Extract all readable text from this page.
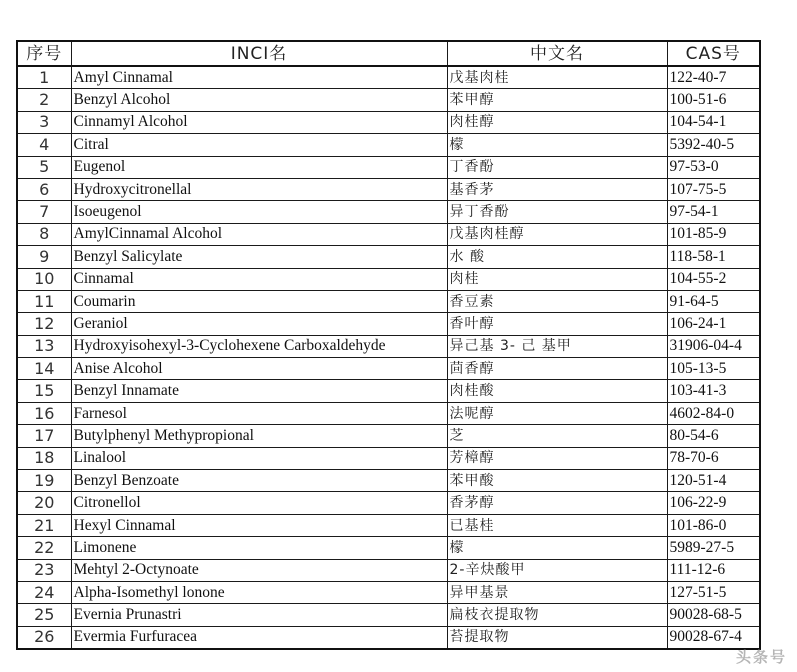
序号	INCI名	中文名	CAS号
1	Amyl Cinnamal	戊基肉桂	122-40-7
2	Benzyl Alcohol	苯甲醇	100-51-6
3	Cinnamyl Alcohol	肉桂醇	104-54-1
4	Citral	檬	5392-40-5
5	Eugenol	丁香酚	97-53-0
6	Hydroxycitronellal	基香茅	107-75-5
7	Isoeugenol	异丁香酚	97-54-1
8	AmylCinnamal Alcohol	戊基肉桂醇	101-85-9
9	Benzyl Salicylate	水 酸	118-58-1
10	Cinnamal	肉桂	104-55-2
11	Coumarin	香豆素	91-64-5
12	Geraniol	香叶醇	106-24-1
13	Hydroxyisohexyl-3-Cyclohexene Carboxaldehyde	异己基 3- 己 基甲	31906-04-4
14	Anise Alcohol	茴香醇	105-13-5
15	Benzyl Innamate	肉桂酸	103-41-3
16	Farnesol	法呢醇	4602-84-0
17	Butylphenyl Methypropional	芝	80-54-6
18	Linalool	芳樟醇	78-70-6
19	Benzyl Benzoate	苯甲酸	120-51-4
20	Citronellol	香茅醇	106-22-9
21	Hexyl Cinnamal	已基桂	101-86-0
22	Limonene	檬	5989-27-5
23	Mehtyl 2-Octynoate	2-辛炔酸甲	111-12-6
24	Alpha-Isomethyl lonone	异甲基景	127-51-5
25	Evernia Prunastri	扁枝衣提取物	90028-68-5
26	Evermia Furfuracea	苔提取物	90028-67-4
头条号
